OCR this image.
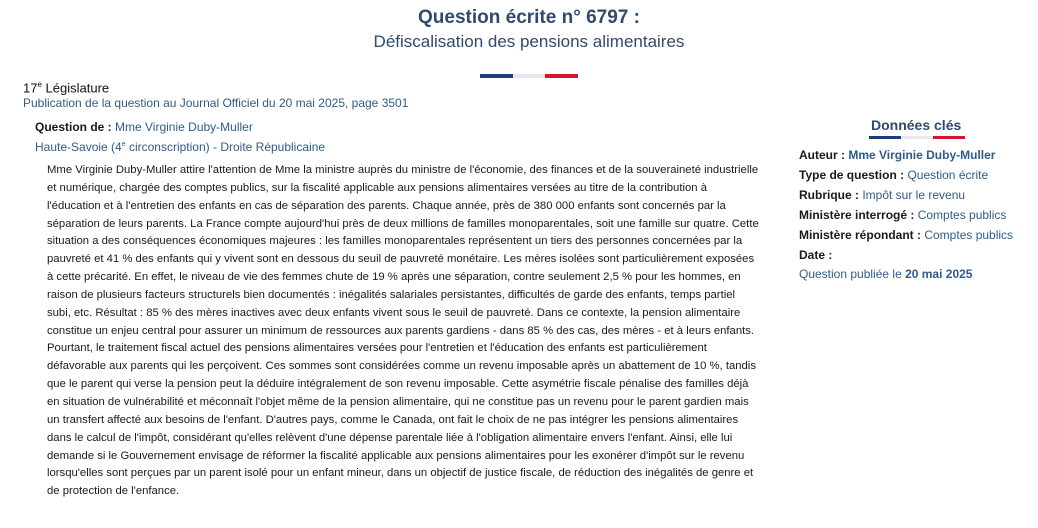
Question écrite n° 6797 :
Défiscalisation des pensions alimentaires
17e Législature
Publication de la question au Journal Officiel du 20 mai 2025, page 3501
Question de : Mme Virginie Duby-Muller
Haute-Savoie (4e circonscription) - Droite Républicaine
Mme Virginie Duby-Muller attire l'attention de Mme la ministre auprès du ministre de l'économie, des finances et de la souveraineté industrielle et numérique, chargée des comptes publics, sur la fiscalité applicable aux pensions alimentaires versées au titre de la contribution à l'éducation et à l'entretien des enfants en cas de séparation des parents. Chaque année, près de 380 000 enfants sont concernés par la séparation de leurs parents. La France compte aujourd'hui près de deux millions de familles monoparentales, soit une famille sur quatre. Cette situation a des conséquences économiques majeures : les familles monoparentales représentent un tiers des personnes concernées par la pauvreté et 41 % des enfants qui y vivent sont en dessous du seuil de pauvreté monétaire. Les mères isolées sont particulièrement exposées à cette précarité. En effet, le niveau de vie des femmes chute de 19 % après une séparation, contre seulement 2,5 % pour les hommes, en raison de plusieurs facteurs structurels bien documentés : inégalités salariales persistantes, difficultés de garde des enfants, temps partiel subi, etc. Résultat : 85 % des mères inactives avec deux enfants vivent sous le seuil de pauvreté. Dans ce contexte, la pension alimentaire constitue un enjeu central pour assurer un minimum de ressources aux parents gardiens - dans 85 % des cas, des mères - et à leurs enfants. Pourtant, le traitement fiscal actuel des pensions alimentaires versées pour l'entretien et l'éducation des enfants est particulièrement défavorable aux parents qui les perçoivent. Ces sommes sont considérées comme un revenu imposable après un abattement de 10 %, tandis que le parent qui verse la pension peut la déduire intégralement de son revenu imposable. Cette asymétrie fiscale pénalise des familles déjà en situation de vulnérabilité et méconnaît l'objet même de la pension alimentaire, qui ne constitue pas un revenu pour le parent gardien mais un transfert affecté aux besoins de l'enfant. D'autres pays, comme le Canada, ont fait le choix de ne pas intégrer les pensions alimentaires dans le calcul de l'impôt, considérant qu'elles relèvent d'une dépense parentale liée à l'obligation alimentaire envers l'enfant. Ainsi, elle lui demande si le Gouvernement envisage de réformer la fiscalité applicable aux pensions alimentaires pour les exonérer d'impôt sur le revenu lorsqu'elles sont perçues par un parent isolé pour un enfant mineur, dans un objectif de justice fiscale, de réduction des inégalités de genre et de protection de l'enfance.
Données clés
Auteur : Mme Virginie Duby-Muller
Type de question : Question écrite
Rubrique : Impôt sur le revenu
Ministère interrogé : Comptes publics
Ministère répondant : Comptes publics
Date :
Question publiée le 20 mai 2025
